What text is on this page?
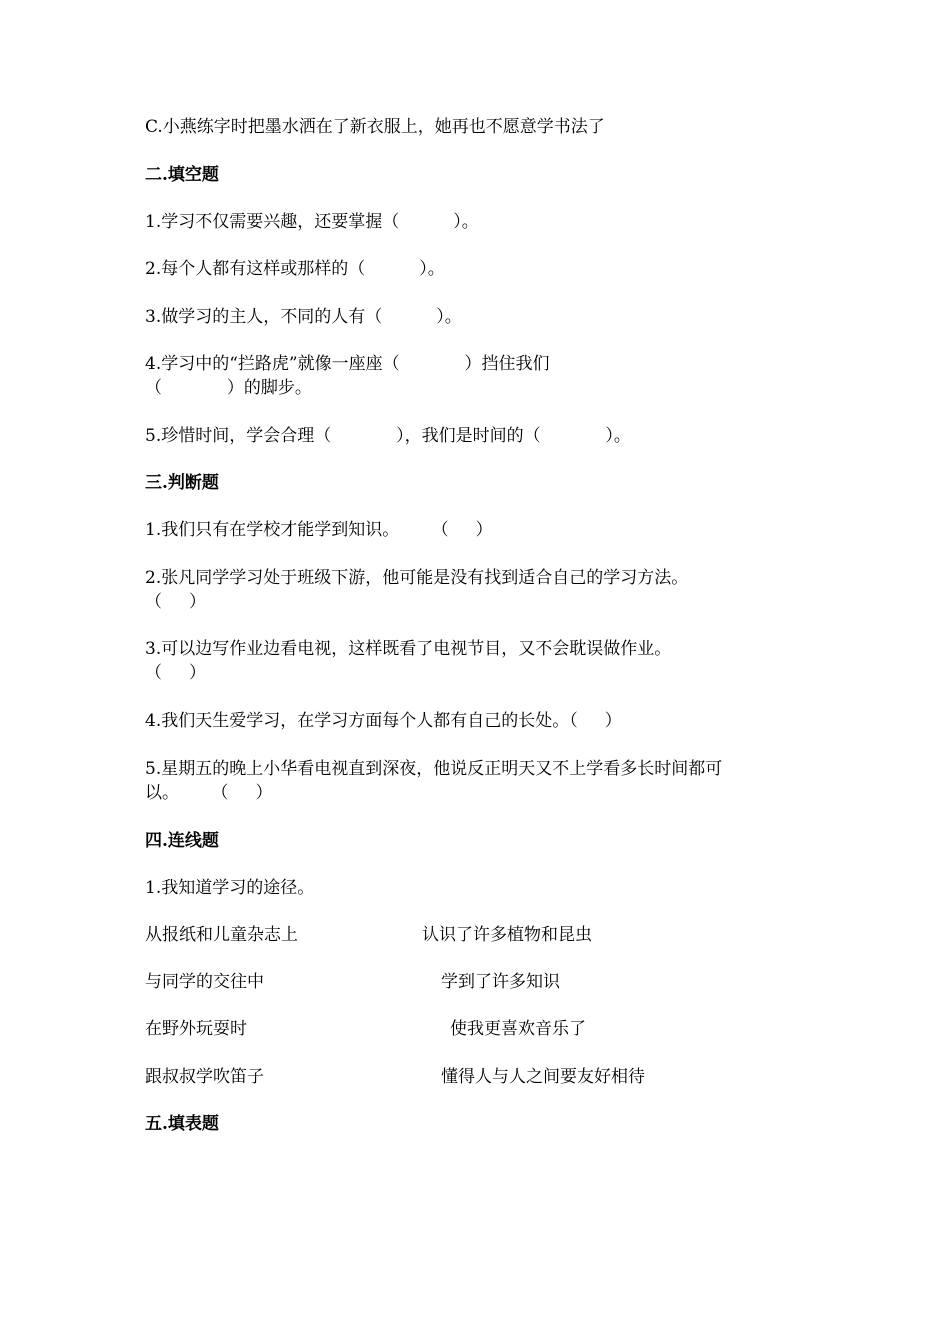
C.小燕练字时把墨水洒在了新衣服上，她再也不愿意学书法了
二.填空题
1.学习不仅需要兴趣，还要掌握（          ）。
2.每个人都有这样或那样的（          ）。
3.做学习的主人，不同的人有（          ）。
4.学习中的“拦路虎”就像一座座（            ）挡住我们
（            ）的脚步。
5.珍惜时间，学会合理（            ），我们是时间的（            ）。
三.判断题
1.我们只有在学校才能学到知识。      （     ）
2.张凡同学学习处于班级下游，他可能是没有找到适合自己的学习方法。
（     ）
3.可以边写作业边看电视，这样既看了电视节目，又不会耽误做作业。
（     ）
4.我们天生爱学习，在学习方面每个人都有自己的长处。（     ）
5.星期五的晚上小华看电视直到深夜，他说反正明天又不上学看多长时间都可
以。      （     ）
四.连线题
1.我知道学习的途径。
从报纸和儿童杂志上	认识了许多植物和昆虫
与同学的交往中	学到了许多知识
在野外玩耍时	使我更喜欢音乐了
跟叔叔学吹笛子	懂得人与人之间要友好相待
五.填表题
